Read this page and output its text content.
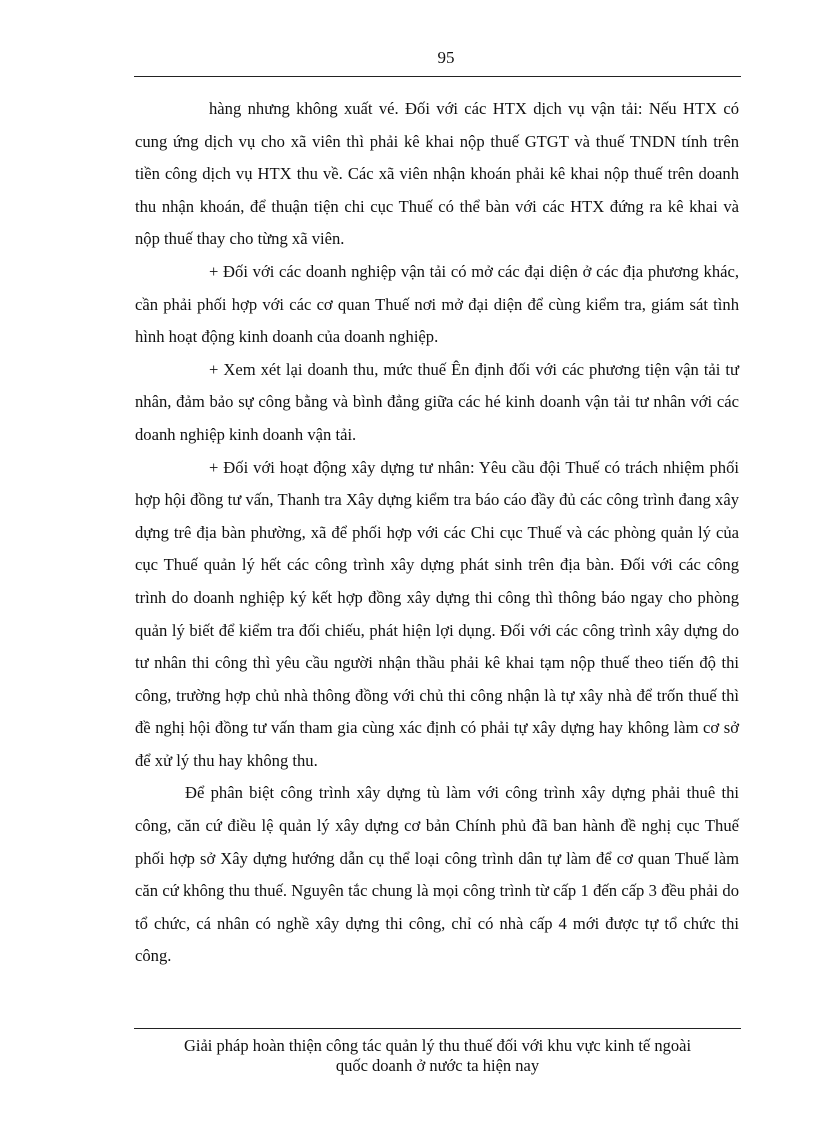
95

hàng nhưng không xuất vé. Đối với các HTX dịch vụ vận tải: Nếu HTX có cung ứng dịch vụ cho xã viên thì phải kê khai nộp thuế GTGT và thuế TNDN tính trên tiền công dịch vụ HTX thu về. Các xã viên nhận khoán phải kê khai nộp thuế trên doanh thu nhận khoán, để thuận tiện chi cục Thuế có thể bàn với các HTX đứng ra kê khai và nộp thuế thay cho từng xã viên.

+ Đối với các doanh nghiệp vận tải có mở các đại diện ở các địa phương khác, cần phải phối hợp với các cơ quan Thuế nơi mở đại diện để cùng kiểm tra, giám sát tình hình hoạt động kinh doanh của doanh nghiệp.

+ Xem xét lại doanh thu, mức thuế Ên định đối với các phương tiện vận tải tư nhân, đảm bảo sự công bằng và bình đẳng giữa các hé kinh doanh vận tải tư nhân với các doanh nghiệp kinh doanh vận tải.

+ Đối với hoạt động xây dựng tư nhân: Yêu cầu đội Thuế có trách nhiệm phối hợp hội đồng tư vấn, Thanh tra Xây dựng kiểm tra báo cáo đầy đủ các công trình đang xây dựng trê địa bàn phường, xã để phối hợp với các Chi cục Thuế và các phòng quản lý của cục Thuế quản lý hết các công trình xây dựng phát sinh trên địa bàn. Đối với các công trình do doanh nghiệp ký kết hợp đồng xây dựng thi công thì thông báo ngay cho phòng quản lý biết để kiểm tra đối chiếu, phát hiện lợi dụng. Đối với các công trình xây dựng do tư nhân thi công thì yêu cầu người nhận thầu phải kê khai tạm nộp thuế theo tiến độ thi công, trường hợp chủ nhà thông đồng với chủ thi công nhận là tự xây nhà để trốn thuế thì đề nghị hội đồng tư vấn tham gia cùng xác định có phải tự xây dựng hay không làm cơ sở để xử lý thu hay không thu.

Để phân biệt công trình xây dựng tù làm với công trình xây dựng phải thuê thi công, căn cứ điều lệ quản lý xây dựng cơ bản Chính phủ đã ban hành đề nghị cục Thuế phối hợp sở Xây dựng hướng dẫn cụ thể loại công trình dân tự làm để cơ quan Thuế làm căn cứ không thu thuế. Nguyên tắc chung là mọi công trình từ cấp 1 đến cấp 3 đều phải do tổ chức, cá nhân có nghề xây dựng thi công, chỉ có nhà cấp 4 mới được tự tổ chức thi công.

Giải pháp hoàn thiện công tác quản lý thu thuế đối với khu vực kinh tế ngoài
quốc doanh ở nước ta hiện nay
